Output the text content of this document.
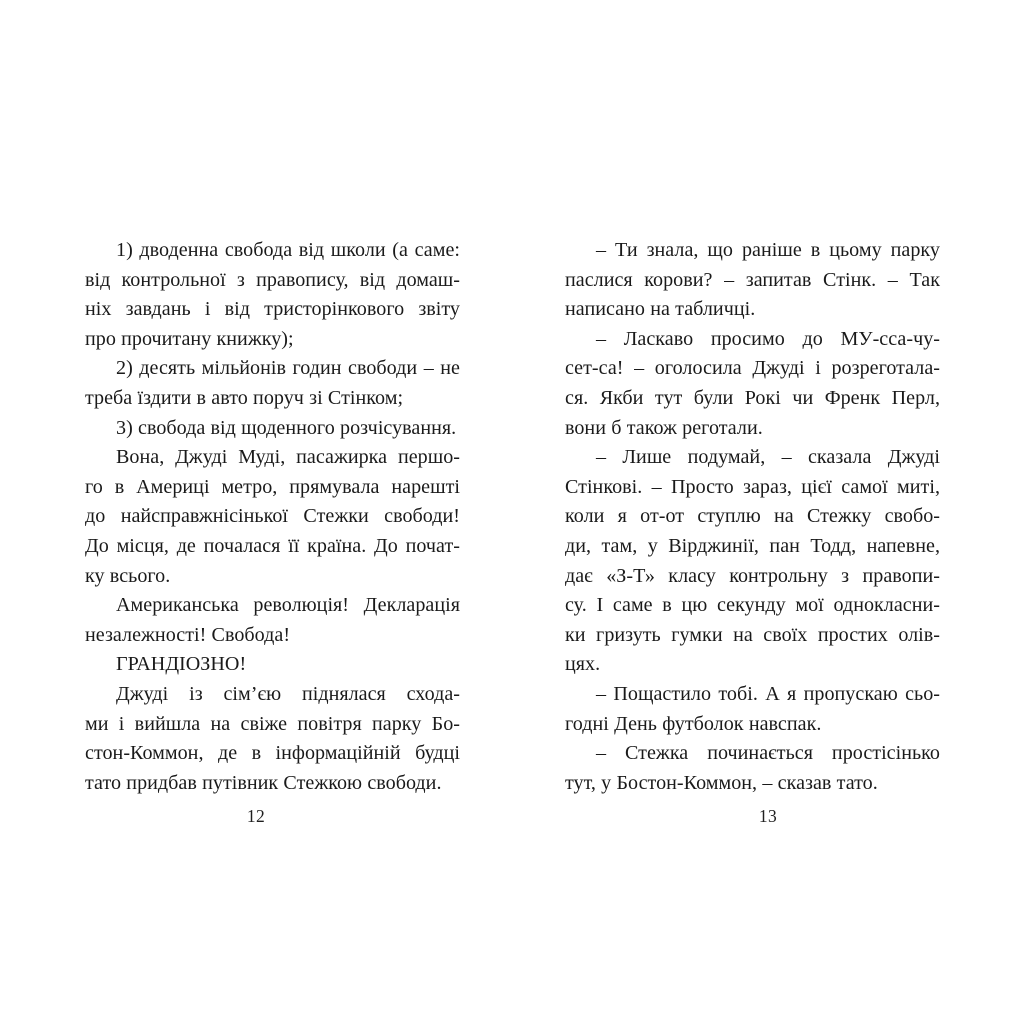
1) дводенна свобода від школи (а саме:
від контрольної з правопису, від домаш-
ніх завдань і від тристорінкового звіту
про прочитану книжку);

2) десять мільйонів годин свободи – не
треба їздити в авто поруч зі Стінком;

3) свобода від щоденного розчісування.

Вона, Джуді Муді, пасажирка першо-
го в Америці метро, прямувала нарешті
до найсправжнісінької Стежки свободи!
До місця, де почалася її країна. До почат-
ку всього.

Американська революція! Декларація
незалежності! Свобода!

ГРАНДІОЗНО!

Джуді із сім’єю піднялася схода-
ми і вийшла на свіже повітря парку Бо-
стон-Коммон, де в інформаційній будці
тато придбав путівник Стежкою свободи.

12

– Ти знала, що раніше в цьому парку
паслися корови? – запитав Стінк. – Так
написано на табличці.

– Ласкаво просимо до МУ-сса-чу-
сет-са! – оголосила Джуді і розреготала-
ся. Якби тут були Рокі чи Френк Перл,
вони б також реготали.

– Лише подумай, – сказала Джуді
Стінкові. – Просто зараз, цієї самої миті,
коли я от-от ступлю на Стежку свобо-
ди, там, у Вірджинії, пан Тодд, напевне,
дає «З-Т» класу контрольну з правопи-
су. І саме в цю секунду мої однокласни-
ки гризуть гумки на своїх простих олів-
цях.

– Пощастило тобі. А я пропускаю сьо-
годні День футболок навспак.

– Стежка починається простісінько
тут, у Бостон-Коммон, – сказав тато.

13
